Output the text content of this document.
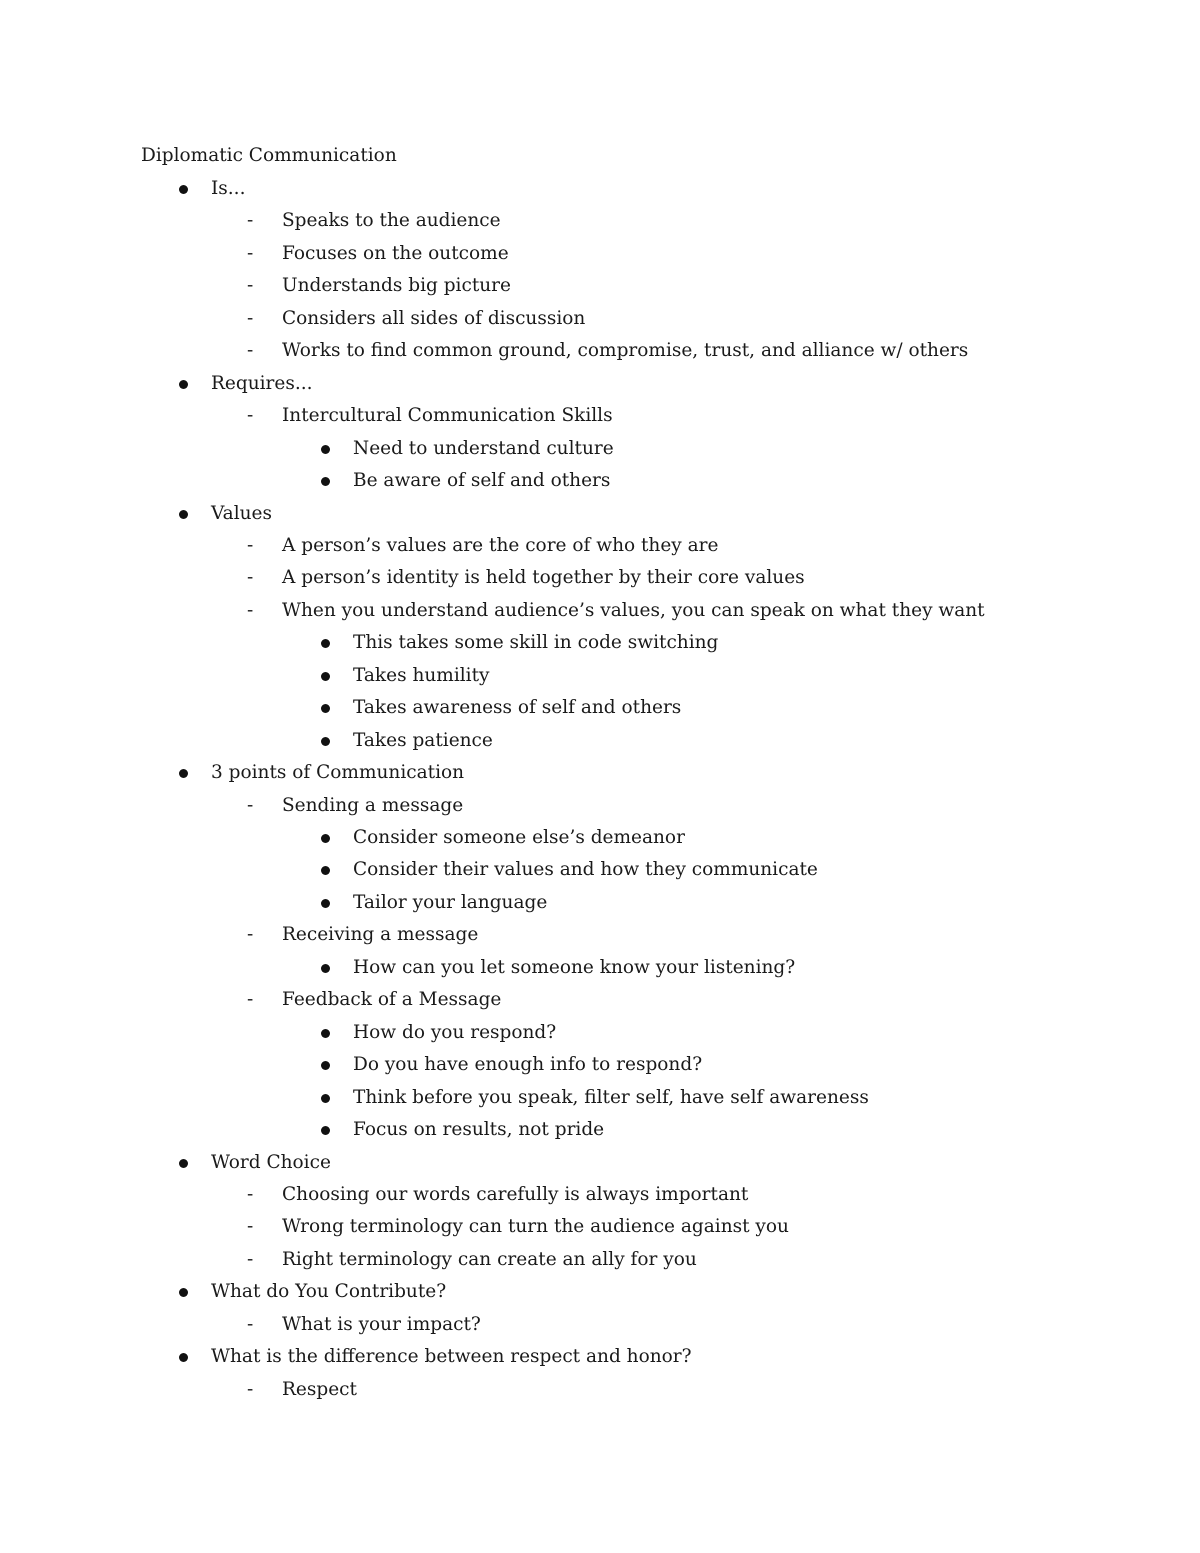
Diplomatic Communication
Is...
- Speaks to the audience
- Focuses on the outcome
- Understands big picture
- Considers all sides of discussion
- Works to find common ground, compromise, trust, and alliance w/ others
Requires...
- Intercultural Communication Skills
Need to understand culture
Be aware of self and others
Values
- A person’s values are the core of who they are
- A person’s identity is held together by their core values
- When you understand audience’s values, you can speak on what they want
This takes some skill in code switching
Takes humility
Takes awareness of self and others
Takes patience
3 points of Communication
- Sending a message
Consider someone else’s demeanor
Consider their values and how they communicate
Tailor your language
- Receiving a message
How can you let someone know your listening?
- Feedback of a Message
How do you respond?
Do you have enough info to respond?
Think before you speak, filter self, have self awareness
Focus on results, not pride
Word Choice
- Choosing our words carefully is always important
- Wrong terminology can turn the audience against you
- Right terminology can create an ally for you
What do You Contribute?
- What is your impact?
What is the difference between respect and honor?
- Respect
